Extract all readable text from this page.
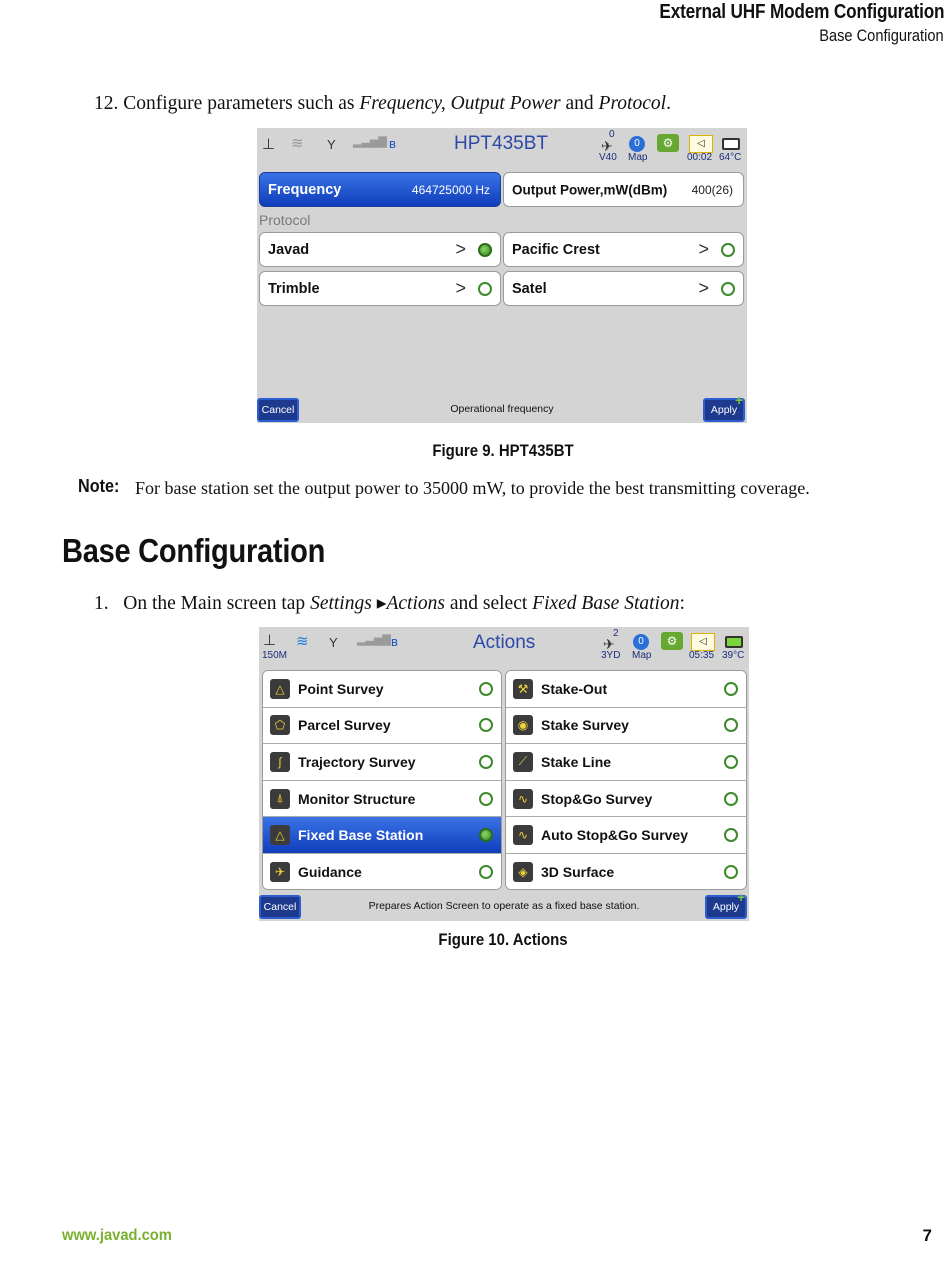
External UHF Modem Configuration
Base Configuration
12. Configure parameters such as Frequency, Output Power and Protocol.
⊥ ≋ Y ▂▃▅▇ ʙ	HPT435BT	0
✈
V40
0
Map
⚙	◁
00:02 64°C
Frequency	464725000 Hz Output Power,mW(dBm) 400(26)
Protocol
Javad	>	Pacific Crest	>
Trimble	>	Satel	>
Cancel	Operational frequency	Apply
+
Figure 9. HPT435BT
Note: For base station set the output power to 35000 mW, to provide the best transmitting coverage.
Base Configuration
1. On the Main screen tap Settings ▸Actions and select Fixed Base Station:
⊥
150M
≋ Y ▂▃▅▇ ʙ	Actions	2
✈
3YD
0
Map
⚙	◁
05:35 39°C
△ Point Survey
⬠ Parcel Survey
∫	Trajectory Survey
⍋	Monitor Structure
△ Fixed Base Station
✈ Guidance
⚒ Stake-Out
◉ Stake Survey
⟋ Stake Line
∿ Stop&Go Survey
∿ Auto Stop&Go Survey
◈ 3D Surface
Cancel	Prepares Action Screen to operate as a fixed base station.	Apply
+
Figure 10. Actions
www.javad.com	7
